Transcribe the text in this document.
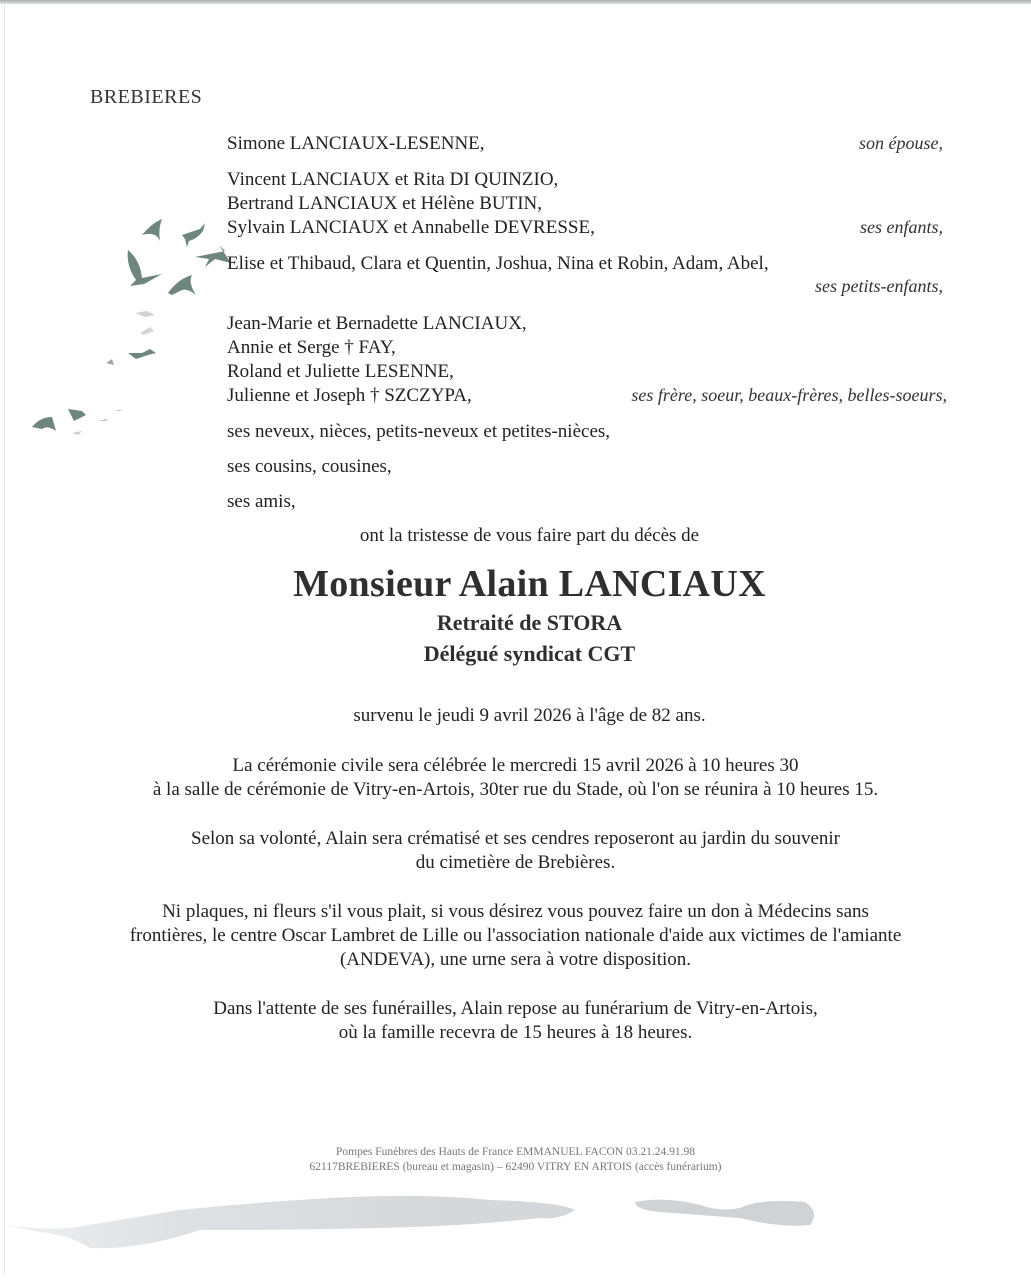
BREBIERES
Simone LANCIAUX-LESENNE,	son épouse,
Vincent LANCIAUX et Rita DI QUINZIO,
Bertrand LANCIAUX et Hélène BUTIN,
Sylvain LANCIAUX et Annabelle DEVRESSE,	ses enfants,
Elise et Thibaud, Clara et Quentin, Joshua, Nina et Robin, Adam, Abel,
ses petits-enfants,
Jean-Marie et Bernadette LANCIAUX,
Annie et Serge † FAY,
Roland et Juliette LESENNE,
Julienne et Joseph † SZCZYPA,	ses frère, soeur, beaux-frères, belles-soeurs,
ses neveux, nièces, petits-neveux et petites-nièces,
ses cousins, cousines,
ses amis,
ont la tristesse de vous faire part du décès de
Monsieur Alain LANCIAUX
Retraité de STORA
Délégué syndicat CGT
survenu le jeudi 9 avril 2026 à l'âge de 82 ans.
La cérémonie civile sera célébrée le mercredi 15 avril 2026 à 10 heures 30
à la salle de cérémonie de Vitry-en-Artois, 30ter rue du Stade, où l'on se réunira à 10 heures 15.
Selon sa volonté, Alain sera crématisé et ses cendres reposeront au jardin du souvenir
du cimetière de Brebières.
Ni plaques, ni fleurs s'il vous plait, si vous désirez vous pouvez faire un don à Médecins sans
frontières, le centre Oscar Lambret de Lille ou l'association nationale d'aide aux victimes de l'amiante
(ANDEVA), une urne sera à votre disposition.
Dans l'attente de ses funérailles, Alain repose au funérarium de Vitry-en-Artois,
où la famille recevra de 15 heures à 18 heures.
Pompes Funèbres des Hauts de France EMMANUEL FACON 03.21.24.91.98
62117BREBIERES (bureau et magasin) – 62490 VITRY EN ARTOIS (accès funérarium)
